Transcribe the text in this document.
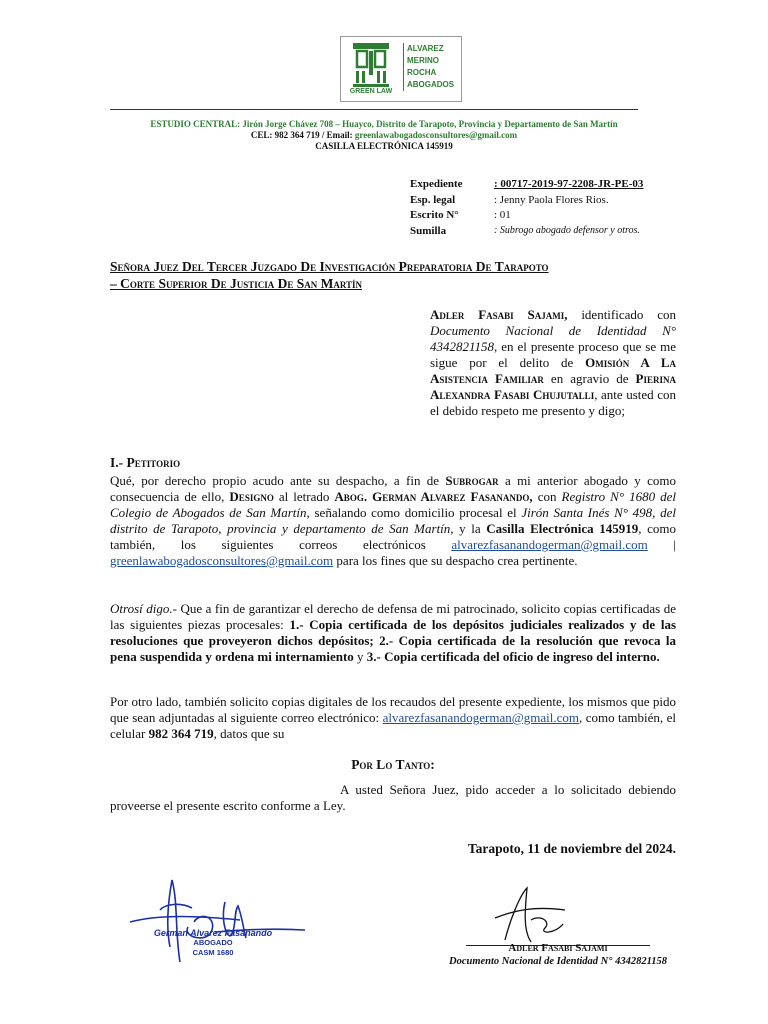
GREEN LAW
ALVAREZ
MERINO
ROCHA
ABOGADOS
ESTUDIO CENTRAL: Jirón Jorge Chávez 708 – Huayco, Distrito de Tarapoto, Provincia y Departamento de San Martín
CEL: 982 364 719 / Email: greenlawabogadosconsultores@gmail.com
CASILLA ELECTRÓNICA 145919
Expediente	: 00717-2019-97-2208-JR-PE-03
Esp. legal	: Jenny Paola Flores Rios.
Escrito N°	: 01
Sumilla	: Subrogo abogado defensor y otros.
Señora Juez Del Tercer Juzgado De Investigación Preparatoria De Tarapoto
– Corte Superior De Justicia De San Martín
Adler Fasabi Sajami, identificado con Documento Nacional de Identidad N° 4342821158, en el presente proceso que se me sigue por el delito de Omisión A La Asistencia Familiar en agravio de Pierina Alexandra Fasabi Chujutalli, ante usted con el debido respeto me presento y digo;
I.- Petitorio
Qué, por derecho propio acudo ante su despacho, a fin de Subrogar a mi anterior abogado y como consecuencia de ello, Designo al letrado Abog. German Alvarez Fasanando, con Registro N° 1680 del Colegio de Abogados de San Martín, señalando como domicilio procesal el Jirón Santa Inés N° 498, del distrito de Tarapoto, provincia y departamento de San Martín, y la Casilla Electrónica 145919, como también, los siguientes correos electrónicos alvarezfasanandogerman@gmail.com | greenlawabogadosconsultores@gmail.com para los fines que su despacho crea pertinente.
Otrosí digo.- Que a fin de garantizar el derecho de defensa de mi patrocinado, solicito copias certificadas de las siguientes piezas procesales: 1.- Copia certificada de los depósitos judiciales realizados y de las resoluciones que proveyeron dichos depósitos; 2.- Copia certificada de la resolución que revoca la pena suspendida y ordena mi internamiento y 3.- Copia certificada del oficio de ingreso del interno.
Por otro lado, también solicito copias digitales de los recaudos del presente expediente, los mismos que pido que sean adjuntadas al siguiente correo electrónico: alvarezfasanandogerman@gmail.com, como también, el celular 982 364 719, datos que su
Por Lo Tanto:
A usted Señora Juez, pido acceder a lo solicitado debiendo proveerse el presente escrito conforme a Ley.
Tarapoto, 11 de noviembre del 2024.
German Alvarez Fasanando
ABOGADO
CASM 1680	Adler Fasabi Sajami
Documento Nacional de Identidad N° 4342821158
